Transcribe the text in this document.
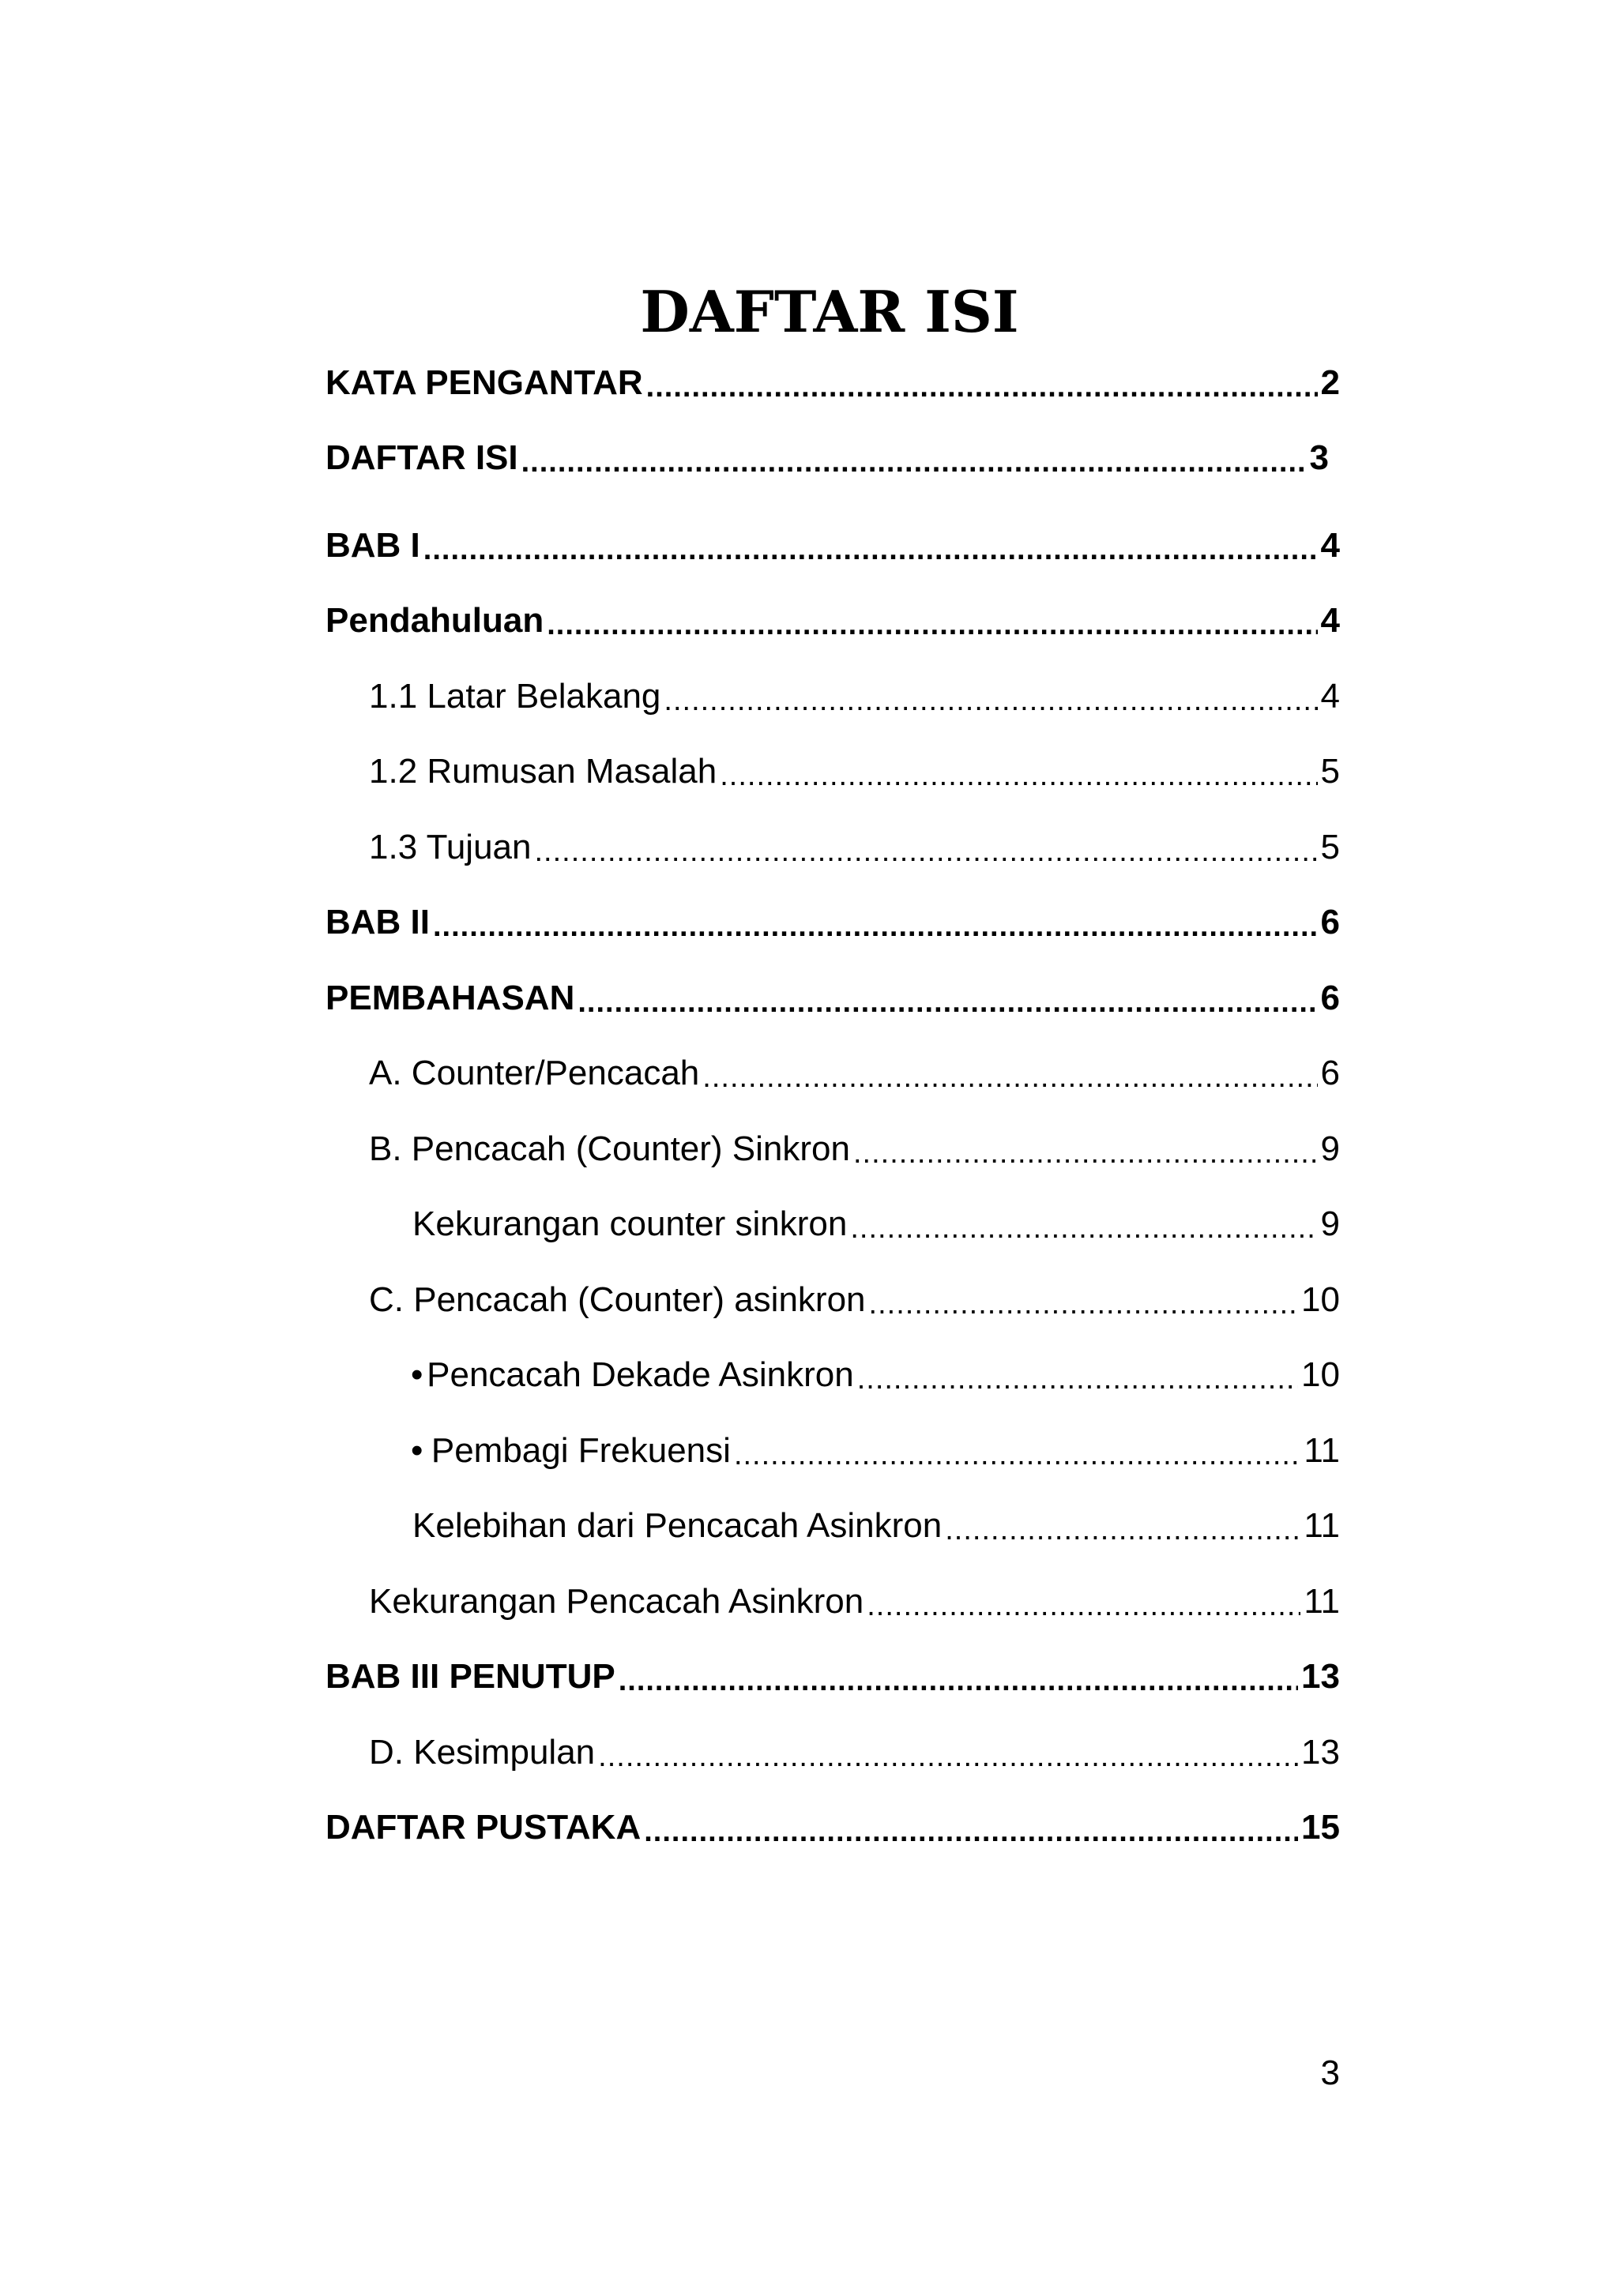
DAFTAR ISI
KATA PENGANTAR .....	2
DAFTAR ISI .....	3
BAB I .....	4
Pendahuluan .....	4
1.1 Latar Belakang .....	4
1.2 Rumusan Masalah .....	5
1.3 Tujuan .....	5
BAB II .....	6
PEMBAHASAN .....	6
A. Counter/Pencacah .....	6
B. Pencacah (Counter) Sinkron .....	9
Kekurangan counter sinkron .....	9
C. Pencacah (Counter) asinkron .....	10
• Pencacah Dekade Asinkron .....	10
• Pembagi Frekuensi .....	11
Kelebihan dari Pencacah Asinkron .....	11
Kekurangan Pencacah Asinkron .....	11
BAB III PENUTUP .....	13
D. Kesimpulan .....	13
DAFTAR PUSTAKA .....	15
3
